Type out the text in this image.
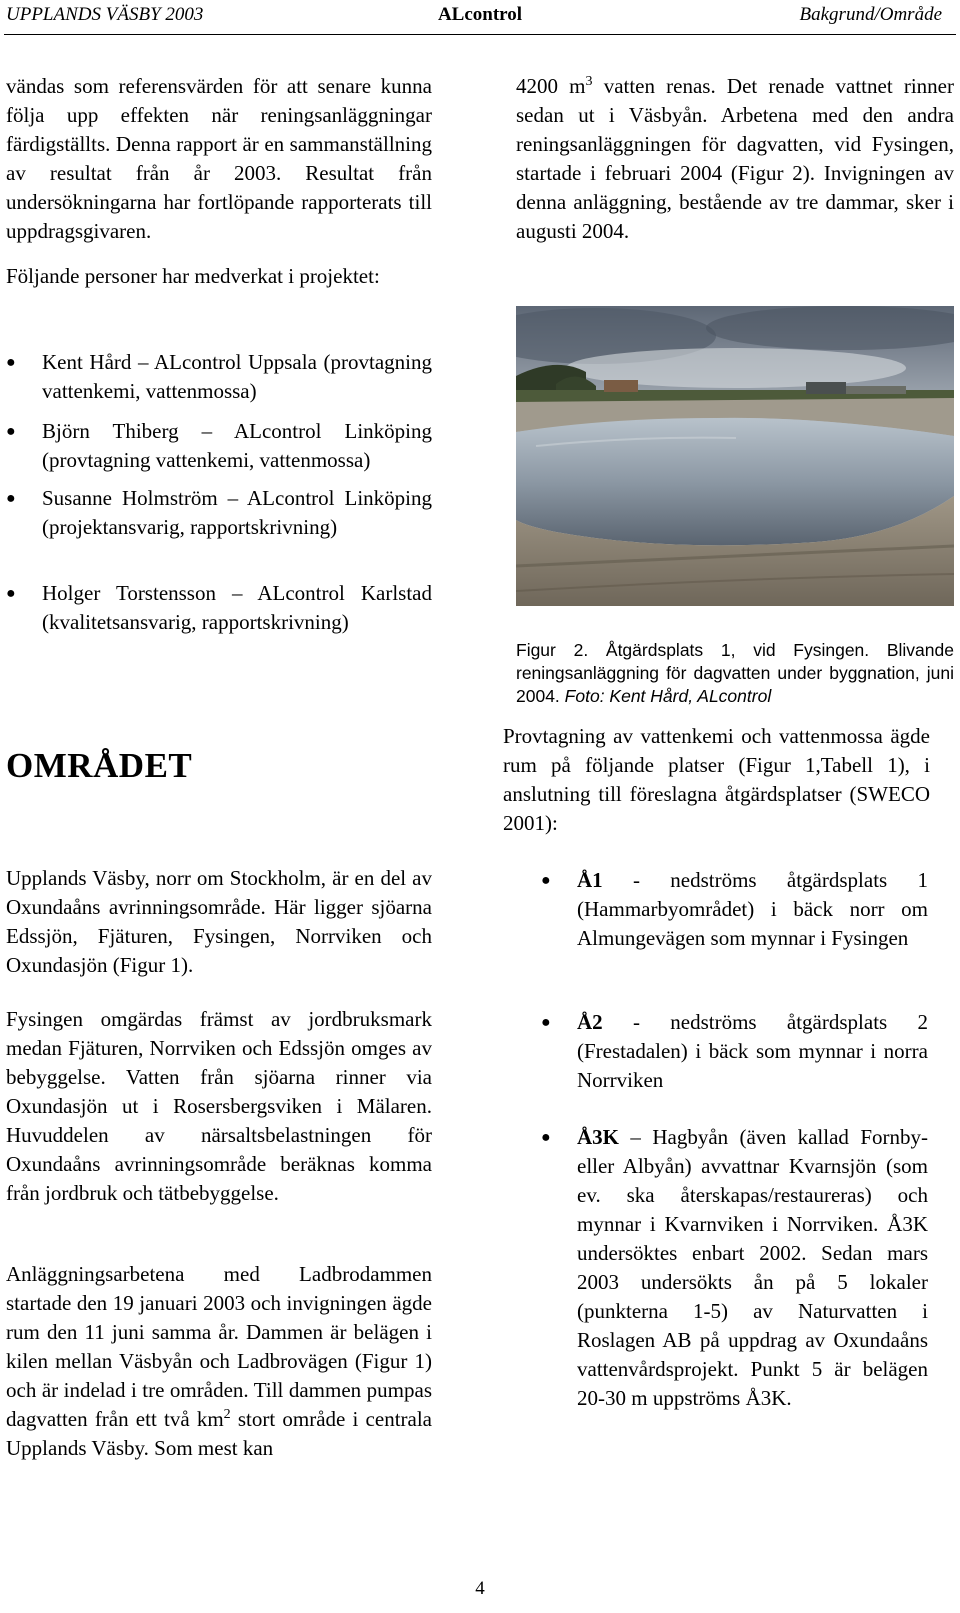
UPPLANDS VÄSBY 2003	ALcontrol	Bakgrund/Område

vändas som referensvärden för att senare kunna följa upp effekten när reningsanläggningar färdigställts. Denna rapport är en sammanställning av resultat från år 2003. Resultat från undersökningarna har fortlöpande rapporterats till uppdragsgivaren.

Följande personer har medverkat i projektet:

● Kent Hård – ALcontrol Uppsala (provtagning vattenkemi, vattenmossa)
● Björn Thiberg – ALcontrol Linköping (provtagning vattenkemi, vattenmossa)
● Susanne Holmström – ALcontrol Linköping (projektansvarig, rapportskrivning)
● Holger Torstensson – ALcontrol Karlstad (kvalitetsansvarig, rapportskrivning)
OMRÅDET

Upplands Väsby, norr om Stockholm, är en del av Oxundaåns avrinningsområde. Här ligger sjöarna Edssjön, Fjäturen, Fysingen, Norrviken och Oxundasjön (Figur 1).

Fysingen omgärdas främst av jordbruksmark medan Fjäturen, Norrviken och Edssjön omges av bebyggelse. Vatten från sjöarna rinner via Oxundasjön ut i Rosersbergsviken i Mälaren. Huvuddelen av närsaltsbelastningen för Oxundaåns avrinningsområde beräknas komma från jordbruk och tätbebyggelse.

Anläggningsarbetena med Ladbrodammen startade den 19 januari 2003 och invigningen ägde rum den 11 juni samma år. Dammen är belägen i kilen mellan Väsbyån och Ladbrovägen (Figur 1) och är indelad i tre områden. Till dammen pumpas dagvatten från ett två $km^2$ stort område i centrala Upplands Väsby. Som mest kan

4200 $m^3$ vatten renas. Det renade vattnet rinner sedan ut i Väsbyån. Arbetena med den andra reningsanläggningen för dagvatten, vid Fysingen, startade i februari 2004 (Figur 2). Invigningen av denna anläggning, bestående av tre dammar, sker i augusti 2004.

Figur 2. Åtgärdsplats 1, vid Fysingen. Blivande reningsanläggning för dagvatten under byggnation, juni 2004. Foto: Kent Hård, ALcontrol

Provtagning av vattenkemi och vattenmossa ägde rum på följande platser (Figur 1,Tabell 1), i anslutning till föreslagna åtgärdsplatser (SWECO 2001):

● Å1 - nedströms åtgärdsplats 1 (Hammarbyområdet) i bäck norr om Almungevägen som mynnar i Fysingen
● Å2 - nedströms åtgärdsplats 2 (Frestadalen) i bäck som mynnar i norra Norrviken
● Å3K – Hagbyån (även kallad Fornby- eller Albyån) avvattnar Kvarnsjön (som ev. ska återskapas/restaureras) och mynnar i Kvarnviken i Norrviken. Å3K undersöktes enbart 2002. Sedan mars 2003 undersökts ån på 5 lokaler (punkterna 1-5) av Naturvatten i Roslagen AB på uppdrag av Oxundaåns vattenvårdsprojekt. Punkt 5 är belägen 20-30 m uppströms Å3K.
4
